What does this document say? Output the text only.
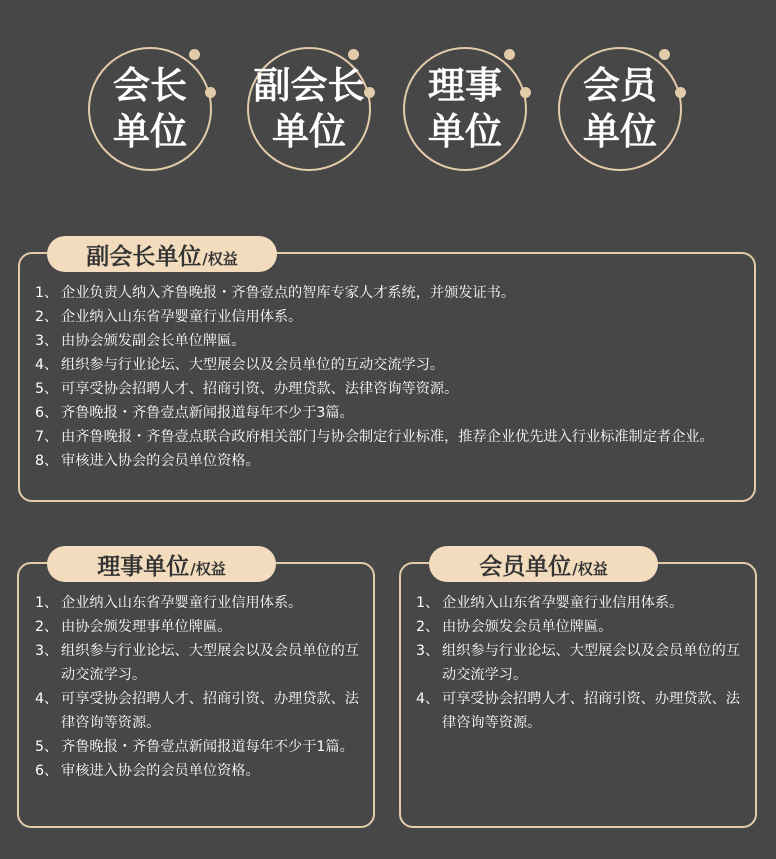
会长
单位
副会长
单位
理事
单位
会员
单位
副会长单位 /权益
1、 企业负责人纳入齐鲁晚报・齐鲁壹点的智库专家人才系统，并颁发证书。
2、 企业纳入山东省孕婴童行业信用体系。
3、 由协会颁发副会长单位牌匾。
4、 组织参与行业论坛、大型展会以及会员单位的互动交流学习。
5、 可享受协会招聘人才、招商引资、办理贷款、法律咨询等资源。
6、 齐鲁晚报・齐鲁壹点新闻报道每年不少于3篇。
7、 由齐鲁晚报・齐鲁壹点联合政府相关部门与协会制定行业标准，推荐企业优先进入行业标准制定者企业。
8、 审核进入协会的会员单位资格。
理事单位 /权益
1、 企业纳入山东省孕婴童行业信用体系。
2、 由协会颁发理事单位牌匾。
3、 组织参与行业论坛、大型展会以及会员单位的互动交流学习。
4、 可享受协会招聘人才、招商引资、办理贷款、法律咨询等资源。
5、 齐鲁晚报・齐鲁壹点新闻报道每年不少于1篇。
6、 审核进入协会的会员单位资格。
会员单位 /权益
1、 企业纳入山东省孕婴童行业信用体系。
2、 由协会颁发会员单位牌匾。
3、 组织参与行业论坛、大型展会以及会员单位的互动交流学习。
4、 可享受协会招聘人才、招商引资、办理贷款、法律咨询等资源。
